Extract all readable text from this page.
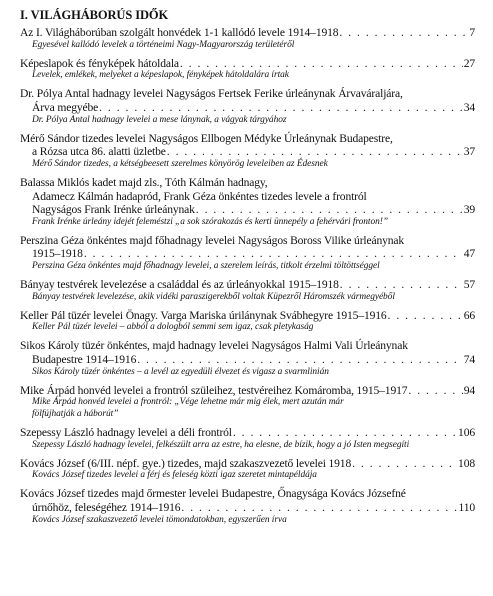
I. VILÁGHÁBORÚS IDŐK
Az I. Világháborúban szolgált honvédek 1-1 kallódó levele 1914–1918 . . .	7
Egyesével kallódó levelek a történeimi Nagy-Magyarország területéről
Képeslapok és fényképek hátoldala . . .	27
Levelek, emlékek, melyeket a képeslapok, fényképek hátoldalára írtak
Dr. Pólya Antal hadnagy levelei Nagyságos Fertsek Ferike úrleánynak Árvaváraljára,
Árva megyébe . . .	34
Dr. Pólya Antal hadnagy levelei a mese lánynak, a vágyak tárgyához
Mérő Sándor tizedes levelei Nagyságos Ellbogen Médyke Úrleánynak Budapestre,
a Rózsa utca 86. alatti üzletbe . . .	37
Mérő Sándor tizedes, a kétségbeesett szerelmes könyörög leveleiben az Édesnek
Balassa Miklós kadet majd zls., Tóth Kálmán hadnagy,
Adamecz Kálmán hadapród, Frank Géza önkéntes tizedes levele a frontról
Nagyságos Frank Irénke úrleánynak . . .	39
Frank Irénke úrleány idejét feleméstzi „a sok szórakozás és kerti ünnepély a fehérvári fronton!”
Perszina Géza önkéntes majd főhadnagy levelei Nagyságos Boross Vilike úrleánynak
1915–1918 . . .	47
Perszina Géza önkéntes majd főhadnagy levelei, a szerelem leírás, titkolt érzelmi töltöttséggel
Bányay testvérek levelezése a családdal és az úrleányokkal 1915–1918 . . .	57
Bányay testvérek levelezése, akik vidéki paraszigerekből voltak Küpezről Háromszék vármegyéből
Keller Pál tüzér levelei Önagy. Varga Mariska úrilánynak Svábhegyre 1915–1916 . . .	66
Keller Pál tüzér levelei – abból a dologból semmi sem igaz, csak pletykaság
Sikos Károly tüzér önkéntes, majd hadnagy levelei Nagyságos Halmi Vali Úrleánynak
Budapestre 1914–1916 . . .	74
Sikos Károly tüzér önkéntes – a levél az egyedüli élvezet és vigasz a svarmlinián
Mike Árpád honvéd levelei a frontról szüleihez, testvéreihez Komáromba, 1915–1917 . . .	94
Mike Árpád honvéd levelei a frontról: „Vége lehetne már mig élek, mert azután már
fölfújhatják a háborút”
Szepessy László hadnagy levelei a déli frontról . . .	106
Szepessy László hadnagy levelei, felkészült arra az estre, ha elesne, de bízik, hogy a jó Isten megsegíti
Kovács József (6/III. népf. gye.) tizedes, majd szakaszvezető levelei 1918 . . .	108
Kovács József tizedes levelei a férj és feleség közti igaz szeretet mintapéldája
Kovács József tizedes majd őrmester levelei Budapestre, Őnagysága Kovács Józsefné
úrnőhöz, feleségéhez 1914–1916 . . .	110
Kovács József szakaszvezető levelei tömondatokban, egyszerűen írva
